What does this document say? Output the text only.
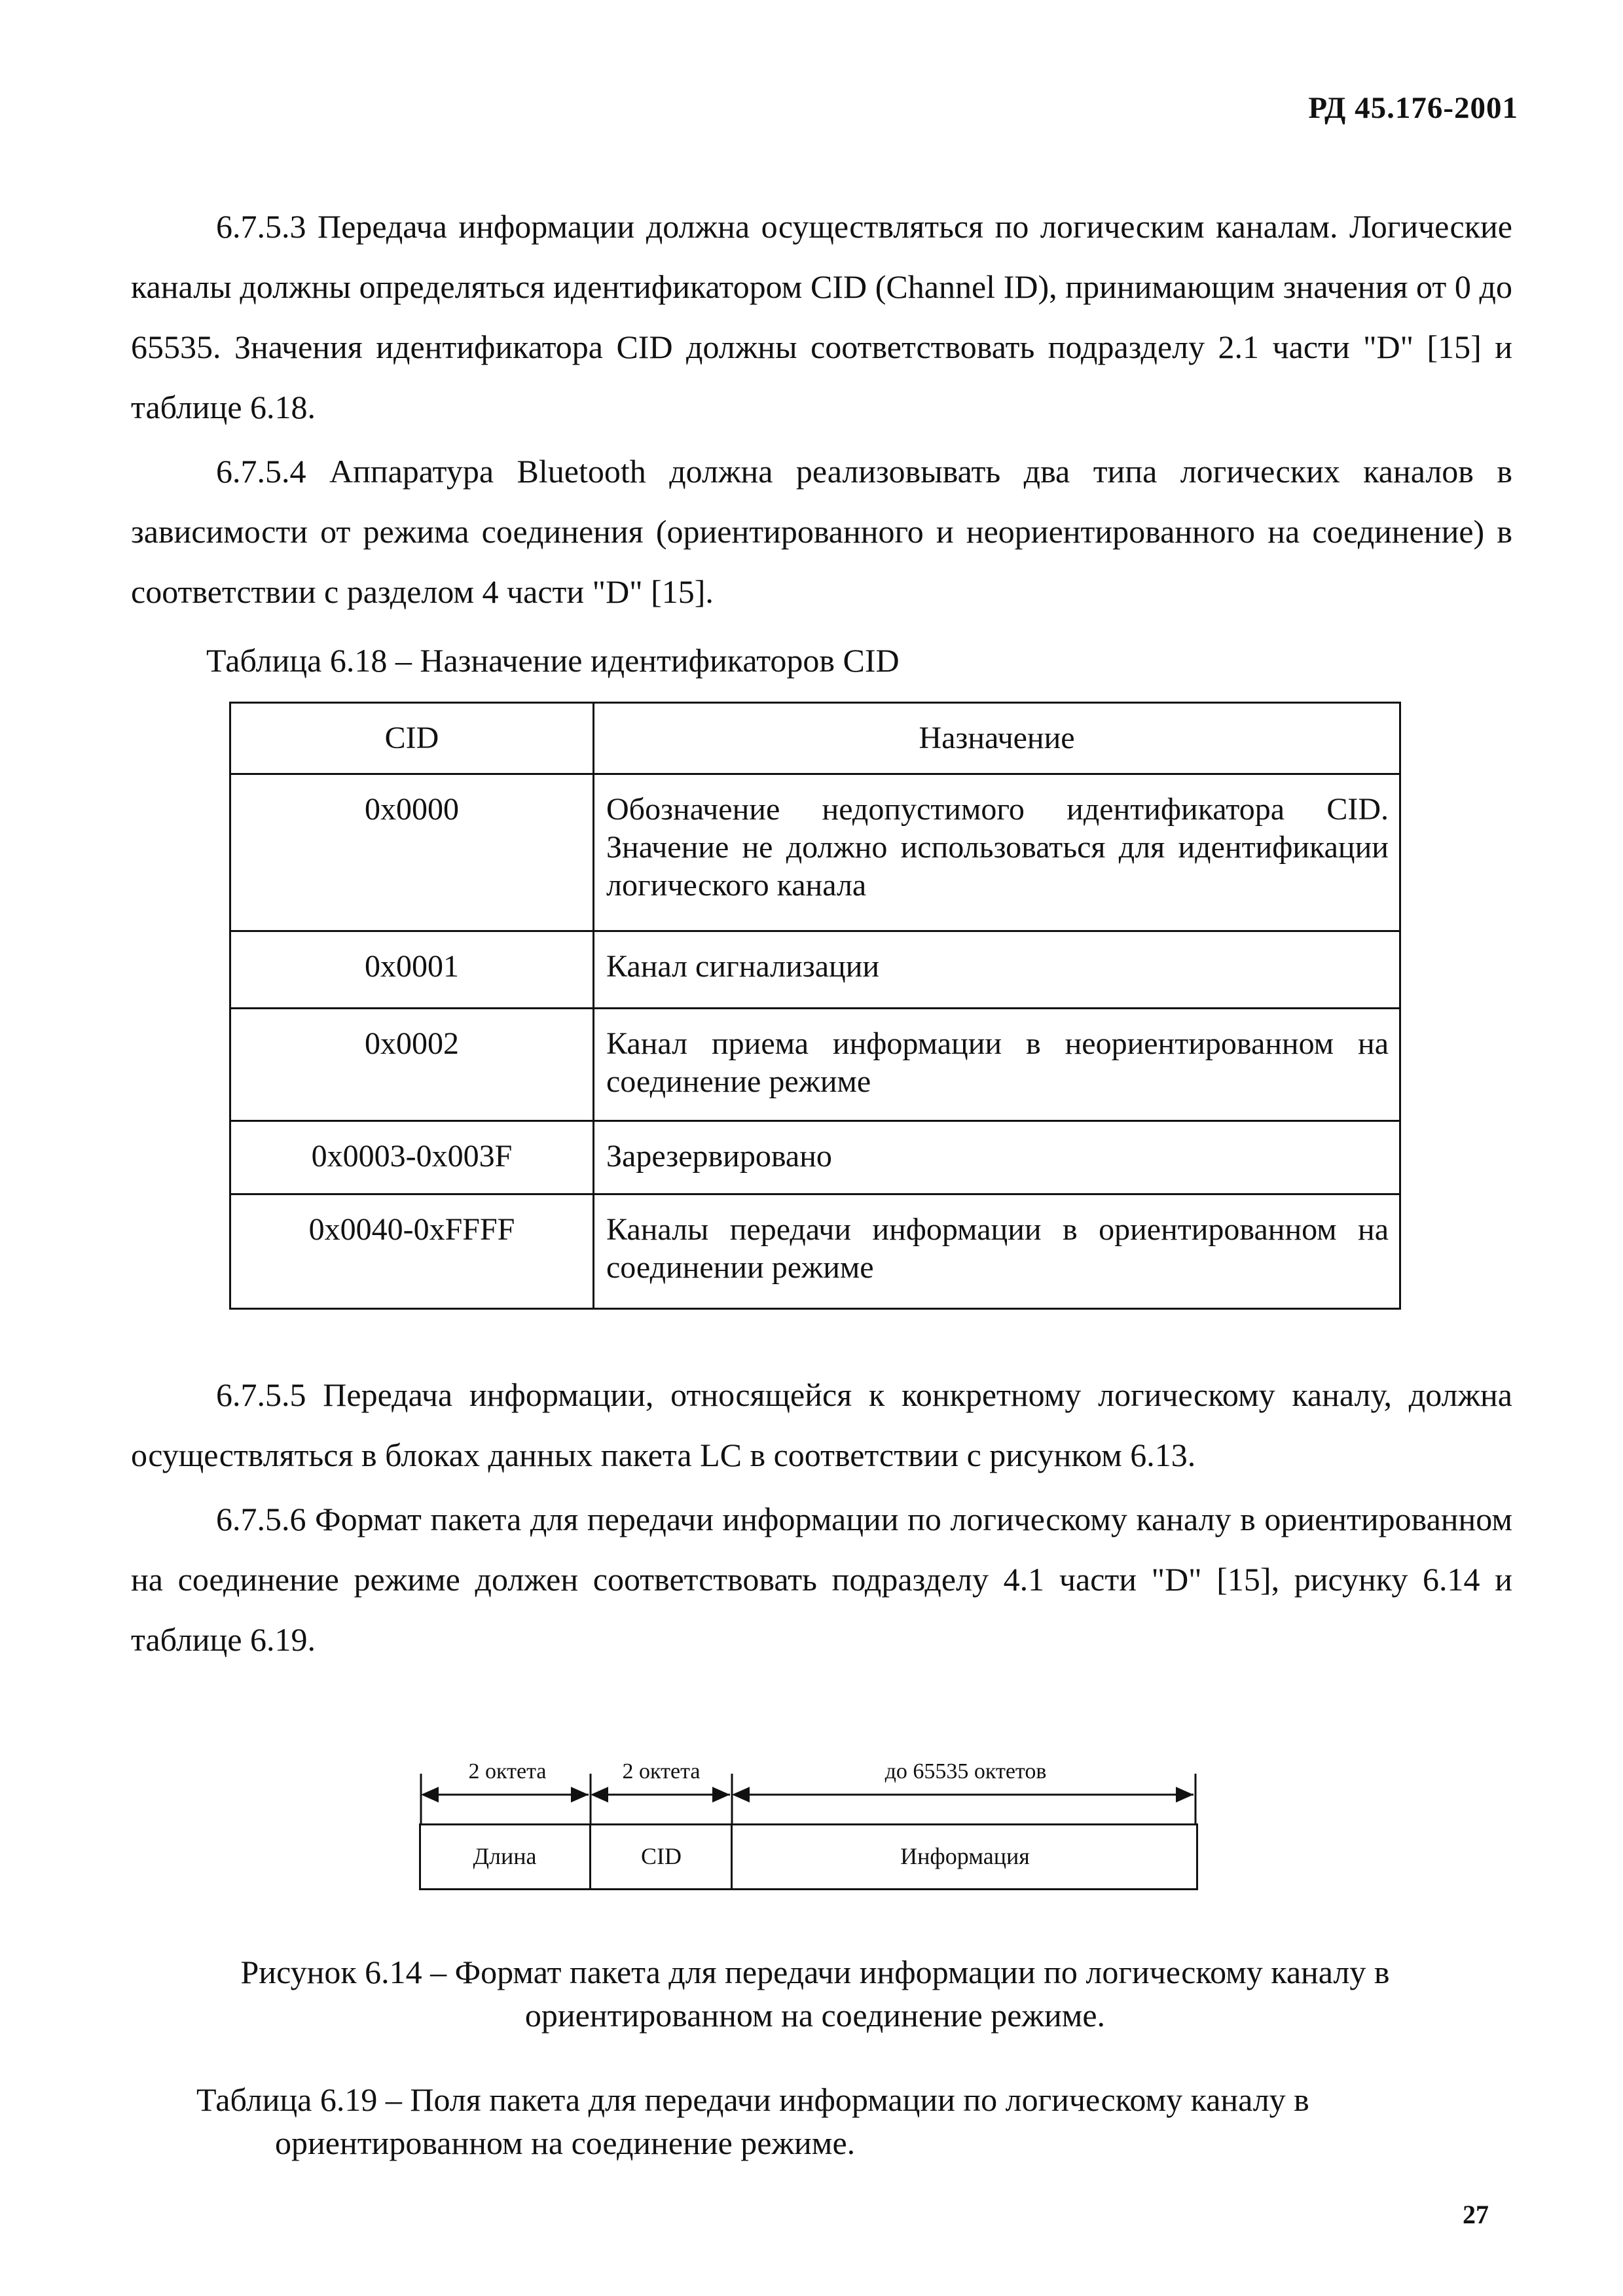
РД 45.176-2001

6.7.5.3 Передача информации должна осуществляться по логическим каналам. Логические каналы должны определяться идентификатором CID (Channel ID), принимающим значения от 0 до 65535. Значения идентификатора CID должны соответствовать подразделу 2.1 части "D" [15] и таблице 6.18.

6.7.5.4 Аппаратура Bluetooth должна реализовывать два типа логических каналов в зависимости от режима соединения (ориентированного и неориентированного на соединение) в соответствии с разделом 4 части "D" [15].

Таблица 6.18 – Назначение идентификаторов CID
CID	Назначение
0x0000	Обозначение недопустимого идентификатора CID. Значение не должно использоваться для идентификации логического канала
0x0001	Канал сигнализации
0x0002	Канал приема информации в неориентированном на соединение режиме
0x0003-0x003F	Зарезервировано
0x0040-0xFFFF	Каналы передачи информации в ориентированном на соединении режиме

6.7.5.5 Передача информации, относящейся к конкретному логическому каналу, должна осуществляться в блоках данных пакета LC в соответствии с рисунком 6.13.

6.7.5.6 Формат пакета для передачи информации по логическому каналу в ориентированном на соединение режиме должен соответствовать подразделу 4.1 части "D" [15], рисунку 6.14 и таблице 6.19.

2 октета	2 октета	до 65535 октетов
Длина	CID	Информация
Рисунок 6.14 – Формат пакета для передачи информации по логическому каналу в
ориентированном на соединение режиме.
Таблица 6.19 – Поля пакета для передачи информации по логическому каналу в
ориентированном на соединение режиме.
27
